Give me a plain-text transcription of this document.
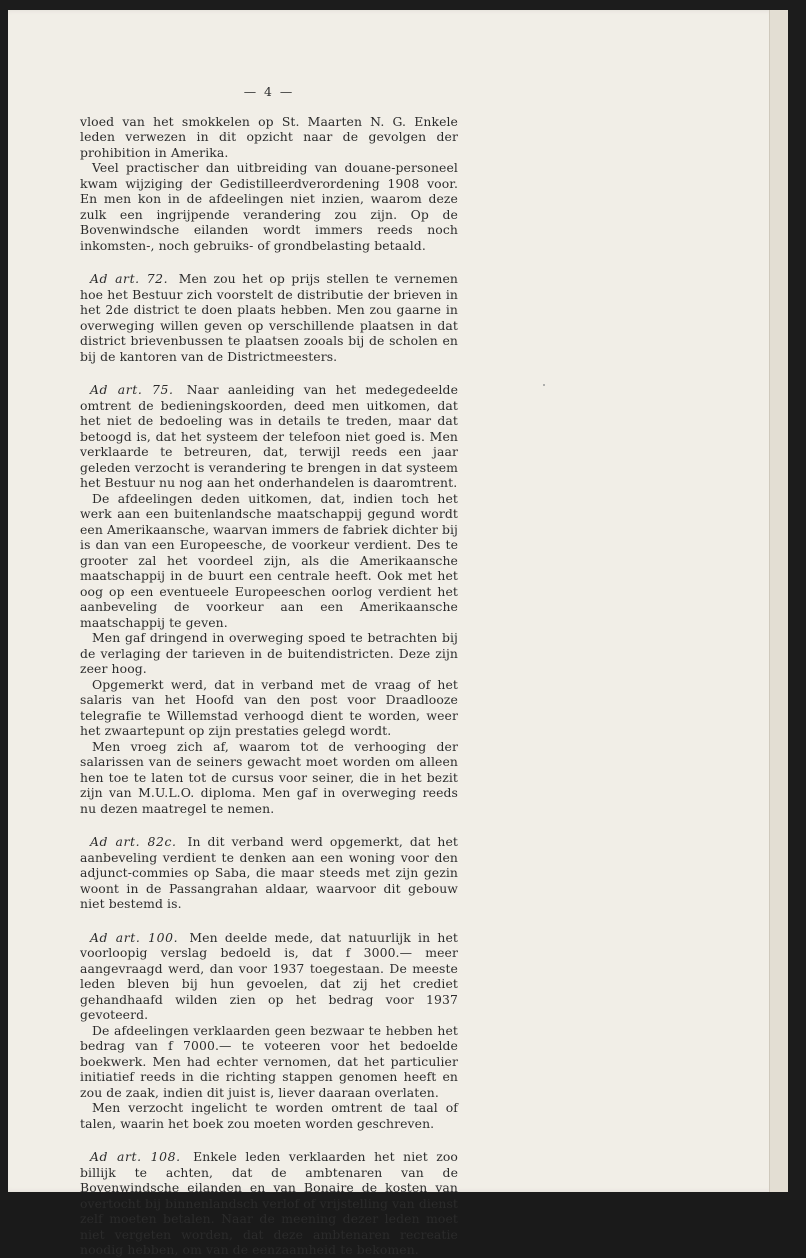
— 4 —

vloed van het smokkelen op St. Maarten N. G. Enkele leden verwezen in dit opzicht naar de gevolgen der prohibition in Amerika.

Veel practischer dan uitbreiding van douane-personeel kwam wijziging der Gedistilleerdverordening 1908 voor. En men kon in de afdeelingen niet inzien, waarom deze zulk een ingrijpende verandering zou zijn. Op de Bovenwindsche eilanden wordt immers reeds noch inkomsten-, noch gebruiks- of grondbelasting betaald.

Ad art. 72. Men zou het op prijs stellen te vernemen hoe het Bestuur zich voorstelt de distributie der brieven in het 2de district te doen plaats hebben. Men zou gaarne in overweging willen geven op verschillende plaatsen in dat district brievenbussen te plaatsen zooals bij de scholen en bij de kantoren van de Districtmeesters.

Ad art. 75. Naar aanleiding van het medegedeelde omtrent de bedieningskoorden, deed men uitkomen, dat het niet de bedoeling was in details te treden, maar dat betoogd is, dat het systeem der telefoon niet goed is. Men verklaarde te betreuren, dat, terwijl reeds een jaar geleden verzocht is verandering te brengen in dat systeem het Bestuur nu nog aan het onderhandelen is daaromtrent.

De afdeelingen deden uitkomen, dat, indien toch het werk aan een buitenlandsche maatschappij gegund wordt een Amerikaansche, waarvan immers de fabriek dichter bij is dan van een Europeesche, de voorkeur verdient. Des te grooter zal het voordeel zijn, als die Amerikaansche maatschappij in de buurt een centrale heeft. Ook met het oog op een eventueele Europeeschen oorlog verdient het aanbeveling de voorkeur aan een Amerikaansche maatschappij te geven.

Men gaf dringend in overweging spoed te betrachten bij de verlaging der tarieven in de buitendistricten. Deze zijn zeer hoog.

Opgemerkt werd, dat in verband met de vraag of het salaris van het Hoofd van den post voor Draadlooze telegrafie te Willemstad verhoogd dient te worden, weer het zwaartepunt op zijn prestaties gelegd wordt.

Men vroeg zich af, waarom tot de verhooging der salarissen van de seiners gewacht moet worden om alleen hen toe te laten tot de cursus voor seiner, die in het bezit zijn van M.U.L.O. diploma. Men gaf in overweging reeds nu dezen maatregel te nemen.

Ad art. 82c. In dit verband werd opgemerkt, dat het aanbeveling verdient te denken aan een woning voor den adjunct-commies op Saba, die maar steeds met zijn gezin woont in de Passangrahan aldaar, waarvoor dit gebouw niet bestemd is.

Ad art. 100. Men deelde mede, dat natuurlijk in het voorloopig verslag bedoeld is, dat f 3000.— meer aangevraagd werd, dan voor 1937 toegestaan. De meeste leden bleven bij hun gevoelen, dat zij het crediet gehandhaafd wilden zien op het bedrag voor 1937 gevoteerd.

De afdeelingen verklaarden geen bezwaar te hebben het bedrag van f 7000.— te voteeren voor het bedoelde boekwerk. Men had echter vernomen, dat het particulier initiatief reeds in die richting stappen genomen heeft en zou de zaak, indien dit juist is, liever daaraan overlaten.

Men verzocht ingelicht te worden omtrent de taal of talen, waarin het boek zou moeten worden geschreven.

Ad art. 108. Enkele leden verklaarden het niet zoo billijk te achten, dat de ambtenaren van de Bovenwindsche eilanden en van Bonaire de kosten van overtocht bij binnenlandsch verlof of vrijstelling van dienst zelf moeten betalen. Naar de meening dezer leden moet niet vergeten worden, dat deze ambtenaren recreatie noodig hebben, om van de eenzaamheid te bekomen.
